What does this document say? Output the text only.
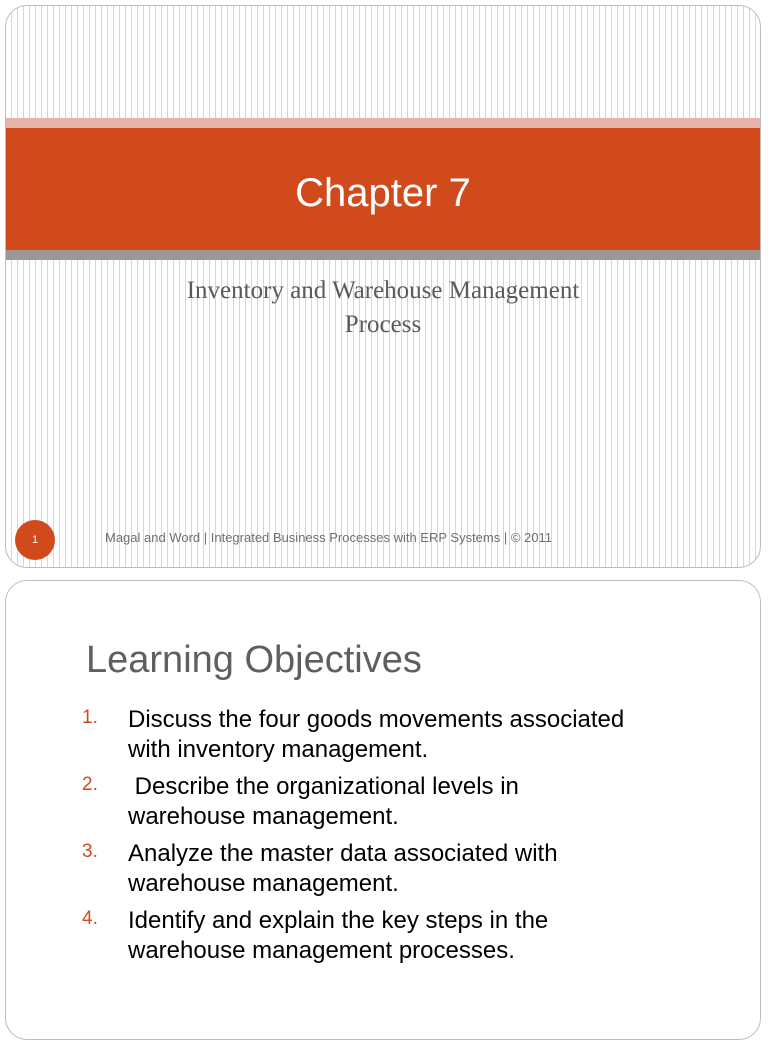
Chapter 7
Inventory and Warehouse Management
Process
1	Magal and Word | Integrated Business Processes with ERP Systems | © 2011
Learning Objectives
1. Discuss the four goods movements associated
with inventory management.
2. Describe the organizational levels in
warehouse management.
3. Analyze the master data associated with
warehouse management.
4. Identify and explain the key steps in the
warehouse management processes.
